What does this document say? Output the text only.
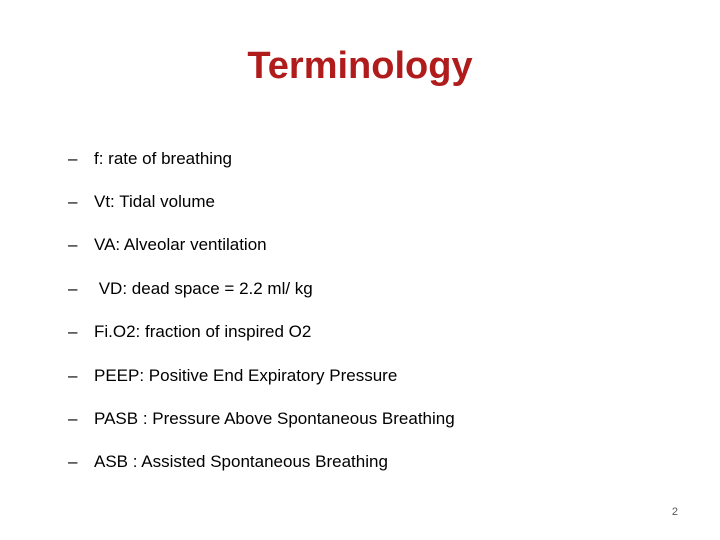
Terminology
– f: rate of breathing
– Vt: Tidal volume
– VA: Alveolar ventilation
– VD: dead space = 2.2 ml/ kg
– Fi.O2: fraction of inspired O2
– PEEP: Positive End Expiratory Pressure
– PASB : Pressure Above Spontaneous Breathing
– ASB : Assisted Spontaneous Breathing
2
